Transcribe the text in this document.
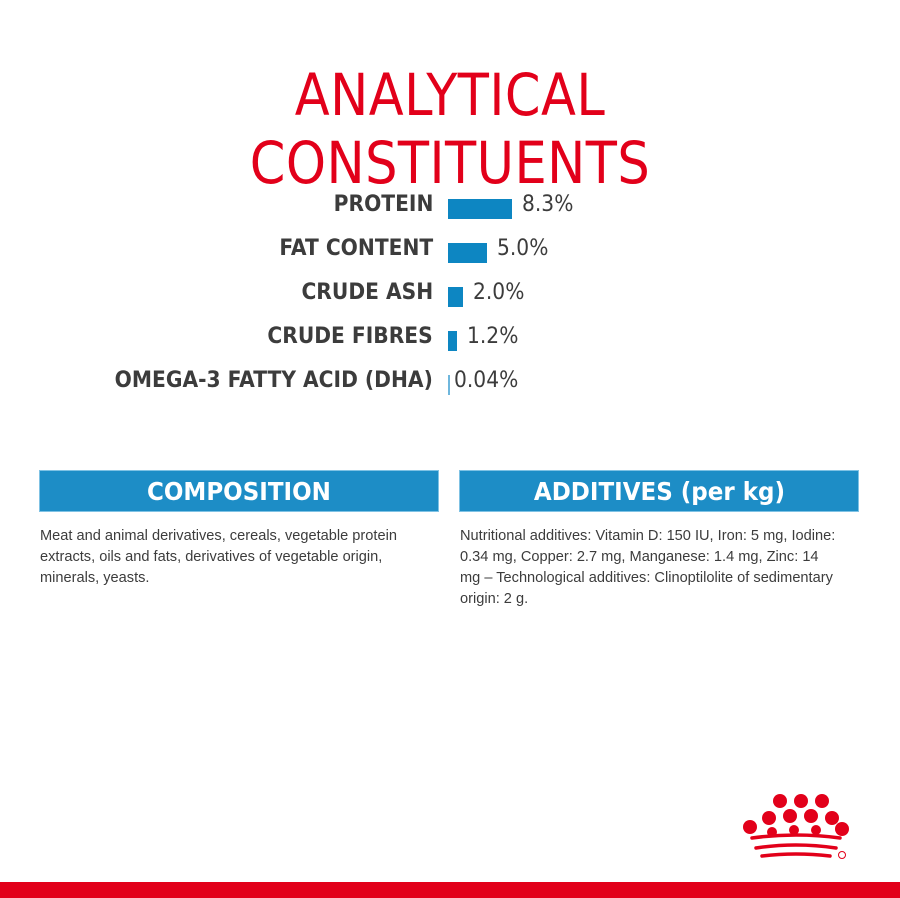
ANALYTICAL
CONSTITUENTS
PROTEIN	8.3%
FAT CONTENT	5.0%
CRUDE ASH 2.0%
CRUDE FIBRES 1.2%
OMEGA-3 FATTY ACID (DHA) 0.04%
COMPOSITION
Meat and animal derivatives, cereals, vegetable protein extracts, oils and fats, derivatives of vegetable origin, minerals, yeasts.
ADDITIVES (per kg)
Nutritional additives: Vitamin D: 150 IU, Iron: 5 mg, Iodine: 0.34 mg, Copper: 2.7 mg, Manganese: 1.4 mg, Zinc: 14 mg – Technological additives: Clinoptilolite of sedimentary origin: 2 g.
